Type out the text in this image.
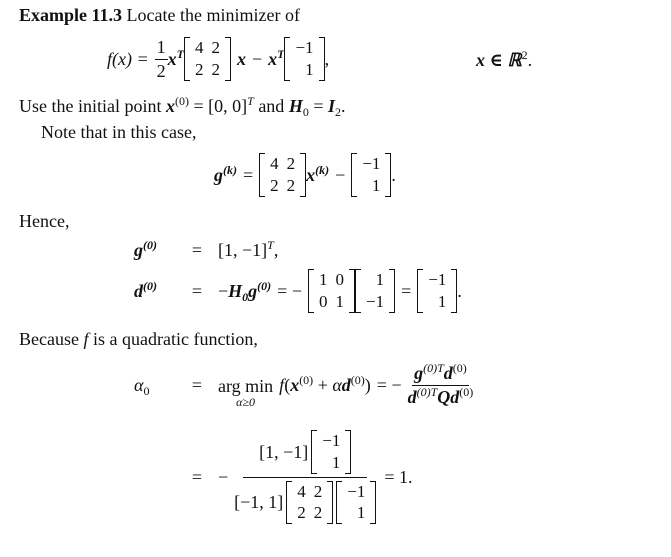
Example 11.3 Locate the minimizer of
$f(x) = \frac{1}{2} x^T$ 4	2
2	2
$x - x^T -1$
1
,	x ∈ ℝ$^2$.
Use the initial point $x^{(0)} = [0$, 0]$^T$ and $H_0 = I_2$.
Note that in this case,
$g^{(k)}$ =
4	2
2	2
$x^{(k)}$ −
−1
1
.
Hence,
$g^{(0)}$	= [1, −1]$^T$,
$d^{(0)}$	= − $H_0$ $g^{(0)}$ = −
1	0
0	1
1
−1
=
−1
1
.
Because f is a quadratic function,
$\alpha_0$	= arg min
α≥0
$f(x^{(0)} + \alpha d^{(0)})$ = − $\frac{g^{(0)T}d^{(0)}}{d^{(0)T}Qd^{(0)}}$
= − [1, −1]
−1
1
[−1, 1]
4	2
2	2
−1
1 = 1.
